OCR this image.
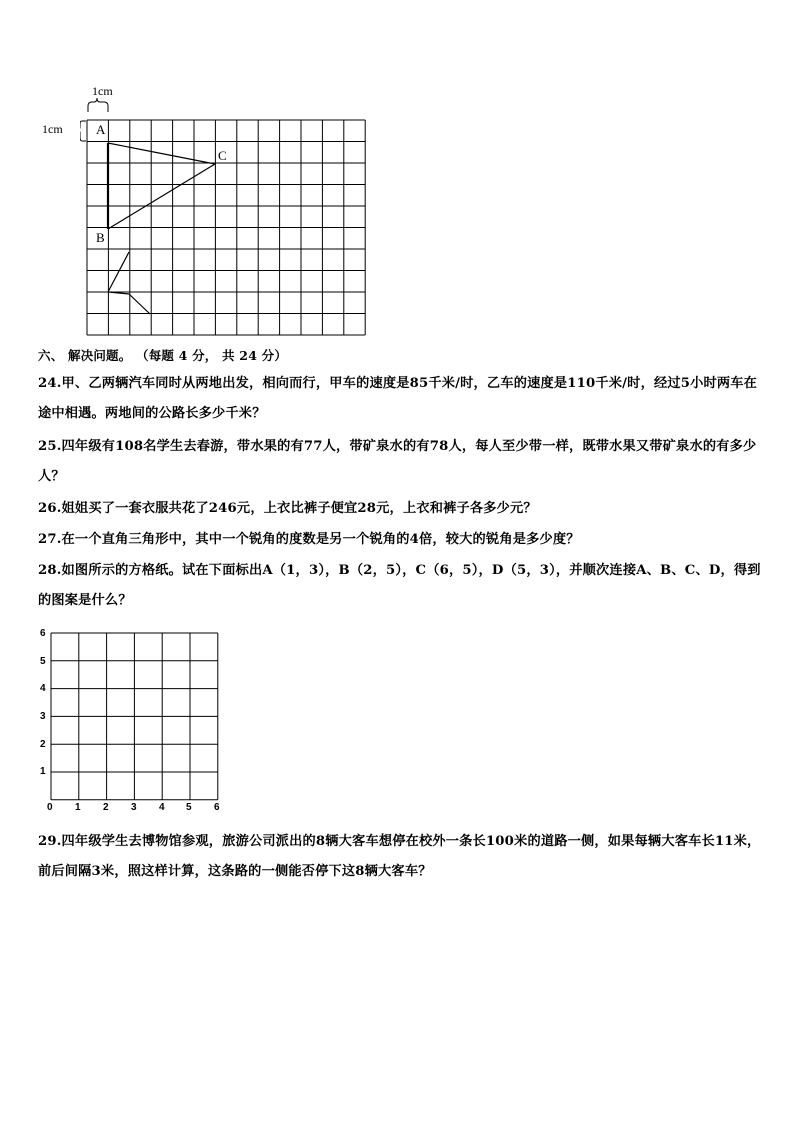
1cm
1cm	A
C
B
六、 解决问题。 （每题 4 分， 共 24 分）
24.甲、乙两辆汽车同时从两地出发，相向而行，甲车的速度是85千米/时，乙车的速度是110千米/时，经过5小时两车在途中相遇。两地间的公路长多少千米？
25.四年级有108名学生去春游，带水果的有77人，带矿泉水的有78人，每人至少带一样，既带水果又带矿泉水的有多少人？
26.姐姐买了一套衣服共花了246元，上衣比裤子便宜28元，上衣和裤子各多少元？
27.在一个直角三角形中，其中一个锐角的度数是另一个锐角的4倍，较大的锐角是多少度？
28.如图所示的方格纸。试在下面标出A（1，3），B（2，5），C（6，5），D（5，3），并顺次连接A、B、C、D，得到的图案是什么？
0 1 2 3 4 5 6
1
2
3
4
5
6
29.四年级学生去博物馆参观，旅游公司派出的8辆大客车想停在校外一条长100米的道路一侧，如果每辆大客车长11米，前后间隔3米，照这样计算，这条路的一侧能否停下这8辆大客车？
